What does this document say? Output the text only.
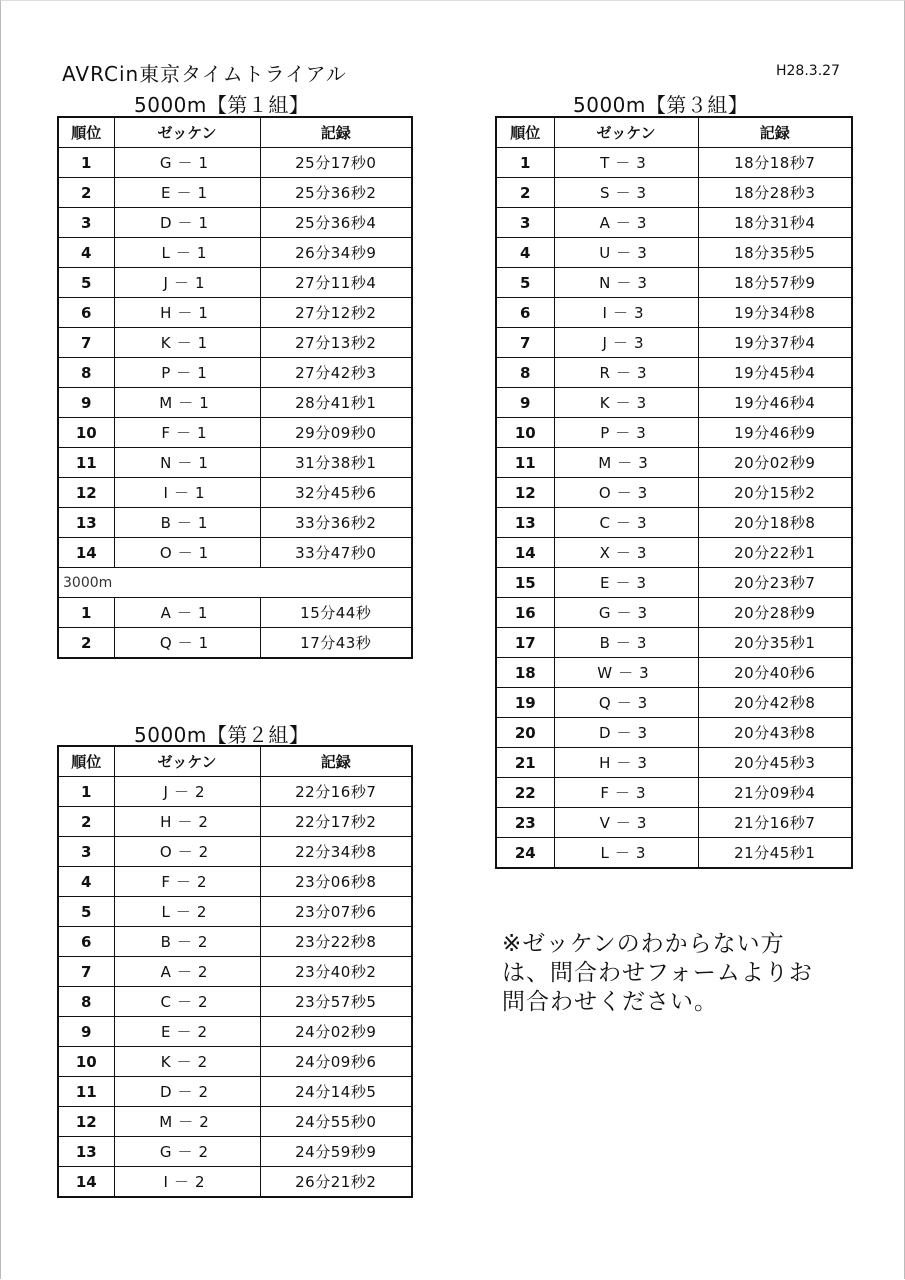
AVRCin東京タイムトライアル	H28.3.27
5000m【第１組】
順位	ゼッケン	記録
1	G－1	25分17秒0
2	E－1	25分36秒2
3	D－1	25分36秒4
4	L－1	26分34秒9
5	J－1	27分11秒4
6	H－1	27分12秒2
7	K－1	27分13秒2
8	P－1	27分42秒3
9	M－1	28分41秒1
10	F－1	29分09秒0
11	N－1	31分38秒1
12	I－1	32分45秒6
13	B－1	33分36秒2
14	O－1	33分47秒0
3000m		
1	A－1	15分44秒
2	Q－1	17分43秒
5000m【第２組】
順位	ゼッケン	記録
1	J－2	22分16秒7
2	H－2	22分17秒2
3	O－2	22分34秒8
4	F－2	23分06秒8
5	L－2	23分07秒6
6	B－2	23分22秒8
7	A－2	23分40秒2
8	C－2	23分57秒5
9	E－2	24分02秒9
10	K－2	24分09秒6
11	D－2	24分14秒5
12	M－2	24分55秒0
13	G－2	24分59秒9
14	I－2	26分21秒2
5000m【第３組】
順位	ゼッケン	記録
1	T－3	18分18秒7
2	S－3	18分28秒3
3	A－3	18分31秒4
4	U－3	18分35秒5
5	N－3	18分57秒9
6	I－3	19分34秒8
7	J－3	19分37秒4
8	R－3	19分45秒4
9	K－3	19分46秒4
10	P－3	19分46秒9
11	M－3	20分02秒9
12	O－3	20分15秒2
13	C－3	20分18秒8
14	X－3	20分22秒1
15	E－3	20分23秒7
16	G－3	20分28秒9
17	B－3	20分35秒1
18	W－3	20分40秒6
19	Q－3	20分42秒8
20	D－3	20分43秒8
21	H－3	20分45秒3
22	F－3	21分09秒4
23	V－3	21分16秒7
24	L－3	21分45秒1
※ゼッケンのわからない方は、問合わせフォームよりお問合わせください。
